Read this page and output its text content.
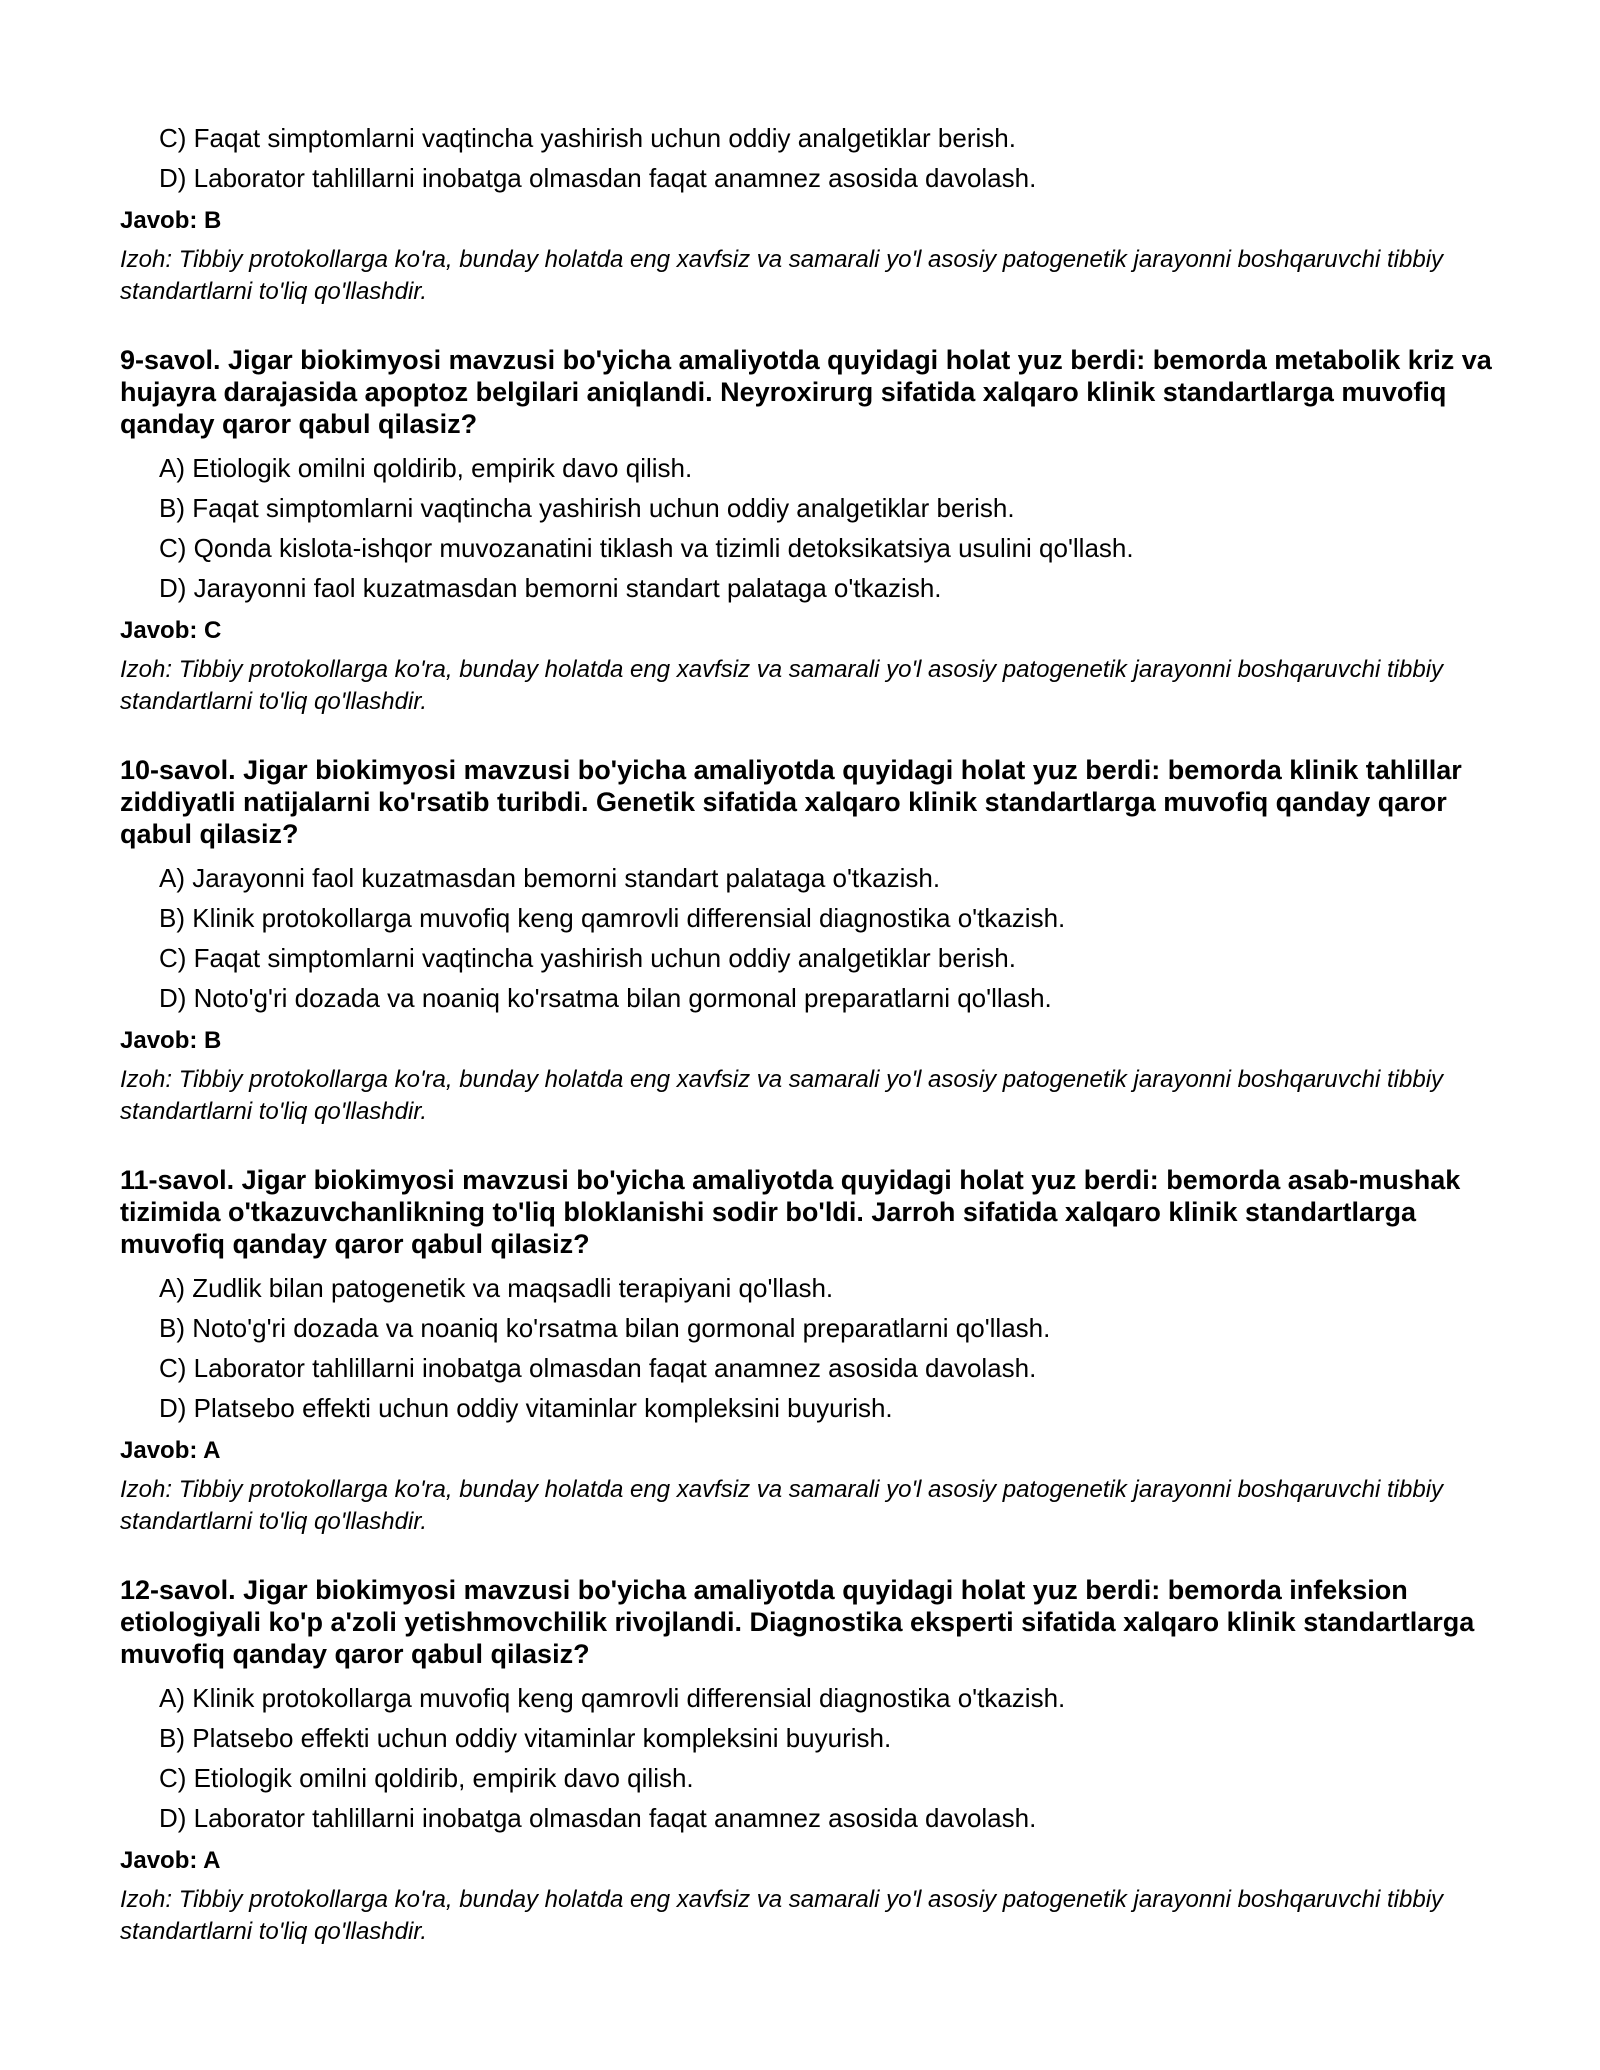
C) Faqat simptomlarni vaqtincha yashirish uchun oddiy analgetiklar berish.
D) Laborator tahlillarni inobatga olmasdan faqat anamnez asosida davolash.
Javob: B
Izoh: Tibbiy protokollarga ko'ra, bunday holatda eng xavfsiz va samarali yo'l asosiy patogenetik jarayonni boshqaruvchi tibbiy standartlarni to'liq qo'llashdir.
9-savol. Jigar biokimyosi mavzusi bo'yicha amaliyotda quyidagi holat yuz berdi: bemorda metabolik kriz va hujayra darajasida apoptoz belgilari aniqlandi. Neyroxirurg sifatida xalqaro klinik standartlarga muvofiq qanday qaror qabul qilasiz?
A) Etiologik omilni qoldirib, empirik davo qilish.
B) Faqat simptomlarni vaqtincha yashirish uchun oddiy analgetiklar berish.
C) Qonda kislota-ishqor muvozanatini tiklash va tizimli detoksikatsiya usulini qo'llash.
D) Jarayonni faol kuzatmasdan bemorni standart palataga o'tkazish.
Javob: C
Izoh: Tibbiy protokollarga ko'ra, bunday holatda eng xavfsiz va samarali yo'l asosiy patogenetik jarayonni boshqaruvchi tibbiy standartlarni to'liq qo'llashdir.
10-savol. Jigar biokimyosi mavzusi bo'yicha amaliyotda quyidagi holat yuz berdi: bemorda klinik tahlillar ziddiyatli natijalarni ko'rsatib turibdi. Genetik sifatida xalqaro klinik standartlarga muvofiq qanday qaror qabul qilasiz?
A) Jarayonni faol kuzatmasdan bemorni standart palataga o'tkazish.
B) Klinik protokollarga muvofiq keng qamrovli differensial diagnostika o'tkazish.
C) Faqat simptomlarni vaqtincha yashirish uchun oddiy analgetiklar berish.
D) Noto'g'ri dozada va noaniq ko'rsatma bilan gormonal preparatlarni qo'llash.
Javob: B
Izoh: Tibbiy protokollarga ko'ra, bunday holatda eng xavfsiz va samarali yo'l asosiy patogenetik jarayonni boshqaruvchi tibbiy standartlarni to'liq qo'llashdir.
11-savol. Jigar biokimyosi mavzusi bo'yicha amaliyotda quyidagi holat yuz berdi: bemorda asab-mushak tizimida o'tkazuvchanlikning to'liq bloklanishi sodir bo'ldi. Jarroh sifatida xalqaro klinik standartlarga muvofiq qanday qaror qabul qilasiz?
A) Zudlik bilan patogenetik va maqsadli terapiyani qo'llash.
B) Noto'g'ri dozada va noaniq ko'rsatma bilan gormonal preparatlarni qo'llash.
C) Laborator tahlillarni inobatga olmasdan faqat anamnez asosida davolash.
D) Platsebo effekti uchun oddiy vitaminlar kompleksini buyurish.
Javob: A
Izoh: Tibbiy protokollarga ko'ra, bunday holatda eng xavfsiz va samarali yo'l asosiy patogenetik jarayonni boshqaruvchi tibbiy standartlarni to'liq qo'llashdir.
12-savol. Jigar biokimyosi mavzusi bo'yicha amaliyotda quyidagi holat yuz berdi: bemorda infeksion etiologiyali ko'p a'zoli yetishmovchilik rivojlandi. Diagnostika eksperti sifatida xalqaro klinik standartlarga muvofiq qanday qaror qabul qilasiz?
A) Klinik protokollarga muvofiq keng qamrovli differensial diagnostika o'tkazish.
B) Platsebo effekti uchun oddiy vitaminlar kompleksini buyurish.
C) Etiologik omilni qoldirib, empirik davo qilish.
D) Laborator tahlillarni inobatga olmasdan faqat anamnez asosida davolash.
Javob: A
Izoh: Tibbiy protokollarga ko'ra, bunday holatda eng xavfsiz va samarali yo'l asosiy patogenetik jarayonni boshqaruvchi tibbiy standartlarni to'liq qo'llashdir.
